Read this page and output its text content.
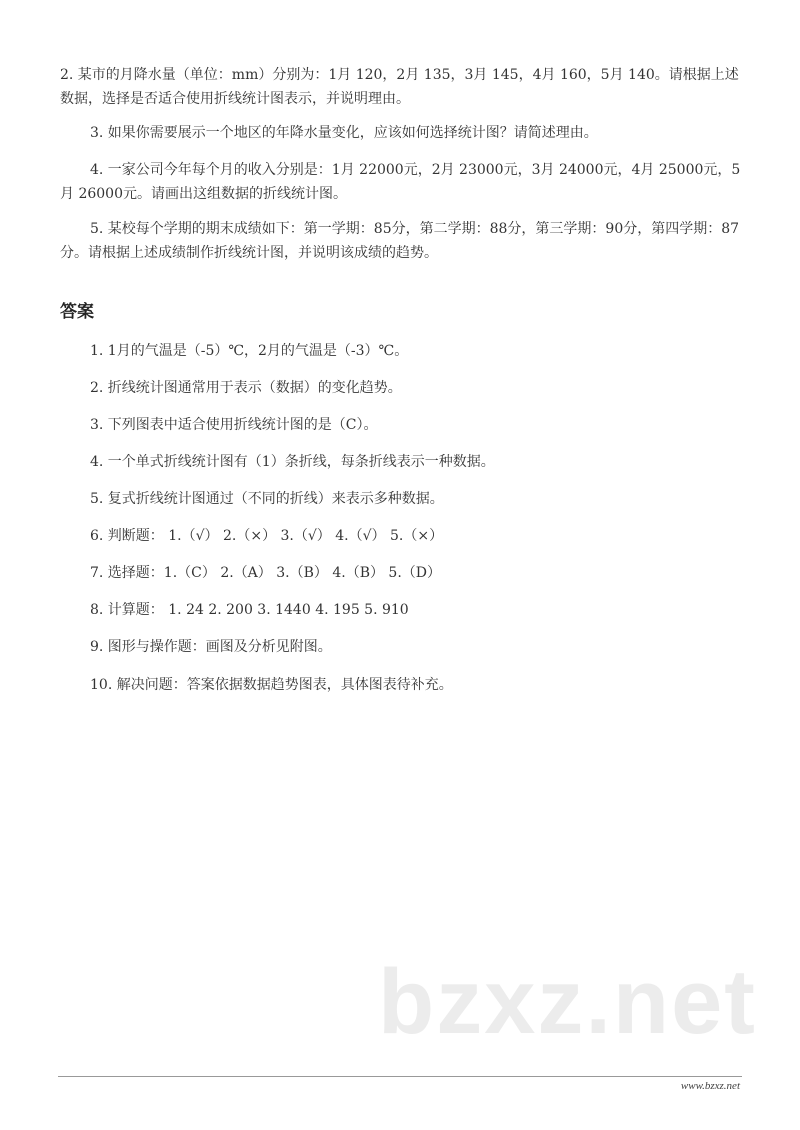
2. 某市的月降水量（单位：mm）分别为：1月 120，2月 135，3月 145，4月 160，5月 140。请根据上述数据，选择是否适合使用折线统计图表示，并说明理由。

3. 如果你需要展示一个地区的年降水量变化，应该如何选择统计图？请简述理由。

4. 一家公司今年每个月的收入分别是：1月 22000元，2月 23000元，3月 24000元，4月 25000元，5月 26000元。请画出这组数据的折线统计图。

5. 某校每个学期的期末成绩如下：第一学期：85分，第二学期：88分，第三学期：90分，第四学期：87分。请根据上述成绩制作折线统计图，并说明该成绩的趋势。

答案

1. 1月的气温是（-5）℃，2月的气温是（-3）℃。

2. 折线统计图通常用于表示（数据）的变化趋势。

3. 下列图表中适合使用折线统计图的是（C）。

4. 一个单式折线统计图有（1）条折线，每条折线表示一种数据。

5. 复式折线统计图通过（不同的折线）来表示多种数据。

6. 判断题： 1.（√） 2.（×） 3.（√） 4.（√） 5.（×）

7. 选择题：1.（C） 2.（A） 3.（B） 4.（B） 5.（D）

8. 计算题： 1. 24 2. 200 3. 1440 4. 195 5. 910

9. 图形与操作题：画图及分析见附图。

10. 解决问题：答案依据数据趋势图表，具体图表待补充。

bzxz.net
www.bzxz.net
